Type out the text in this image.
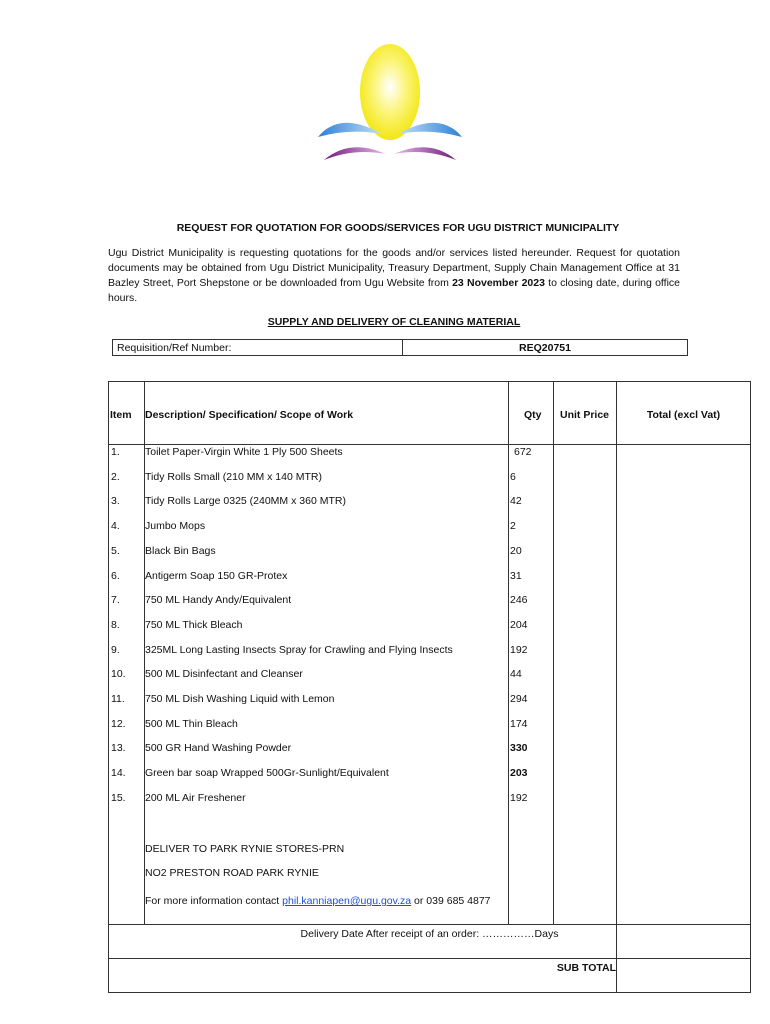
REQUEST FOR QUOTATION FOR GOODS/SERVICES FOR UGU DISTRICT MUNICIPALITY
Ugu District Municipality is requesting quotations for the goods and/or services listed hereunder. Request for quotation documents may be obtained from Ugu District Municipality, Treasury Department, Supply Chain Management Office at 31 Bazley Street, Port Shepstone or be downloaded from Ugu Website from 23 November 2023 to closing date, during office hours.
SUPPLY AND DELIVERY OF CLEANING MATERIAL
Requisition/Ref Number:	REQ20751
Item Description/ Specification/ Scope of Work	Qty Unit Price	Total (excl Vat)
1. Toilet Paper-Virgin White 1 Ply 500 Sheets	672
2. Tidy Rolls Small (210 MM x 140 MTR)	6
3. Tidy Rolls Large 0325 (240MM x 360 MTR)	42
4. Jumbo Mops	2
5. Black Bin Bags	20
6. Antigerm Soap 150 GR-Protex	31
7. 750 ML Handy Andy/Equivalent	246
8. 750 ML Thick Bleach	204
9. 325ML Long Lasting Insects Spray for Crawling and Flying Insects	192
10. 500 ML Disinfectant and Cleanser	44
11. 750 ML Dish Washing Liquid with Lemon	294
12. 500 ML Thin Bleach	174
13. 500 GR Hand Washing Powder	330
14. Green bar soap Wrapped 500Gr-Sunlight/Equivalent	203
15. 200 ML Air Freshener	192
DELIVER TO PARK RYNIE STORES-PRN
NO2 PRESTON ROAD PARK RYNIE
For more information contact phil.kanniapen@ugu.gov.za or 039 685 4877
Delivery Date After receipt of an order: ……………Days
SUB TOTAL
